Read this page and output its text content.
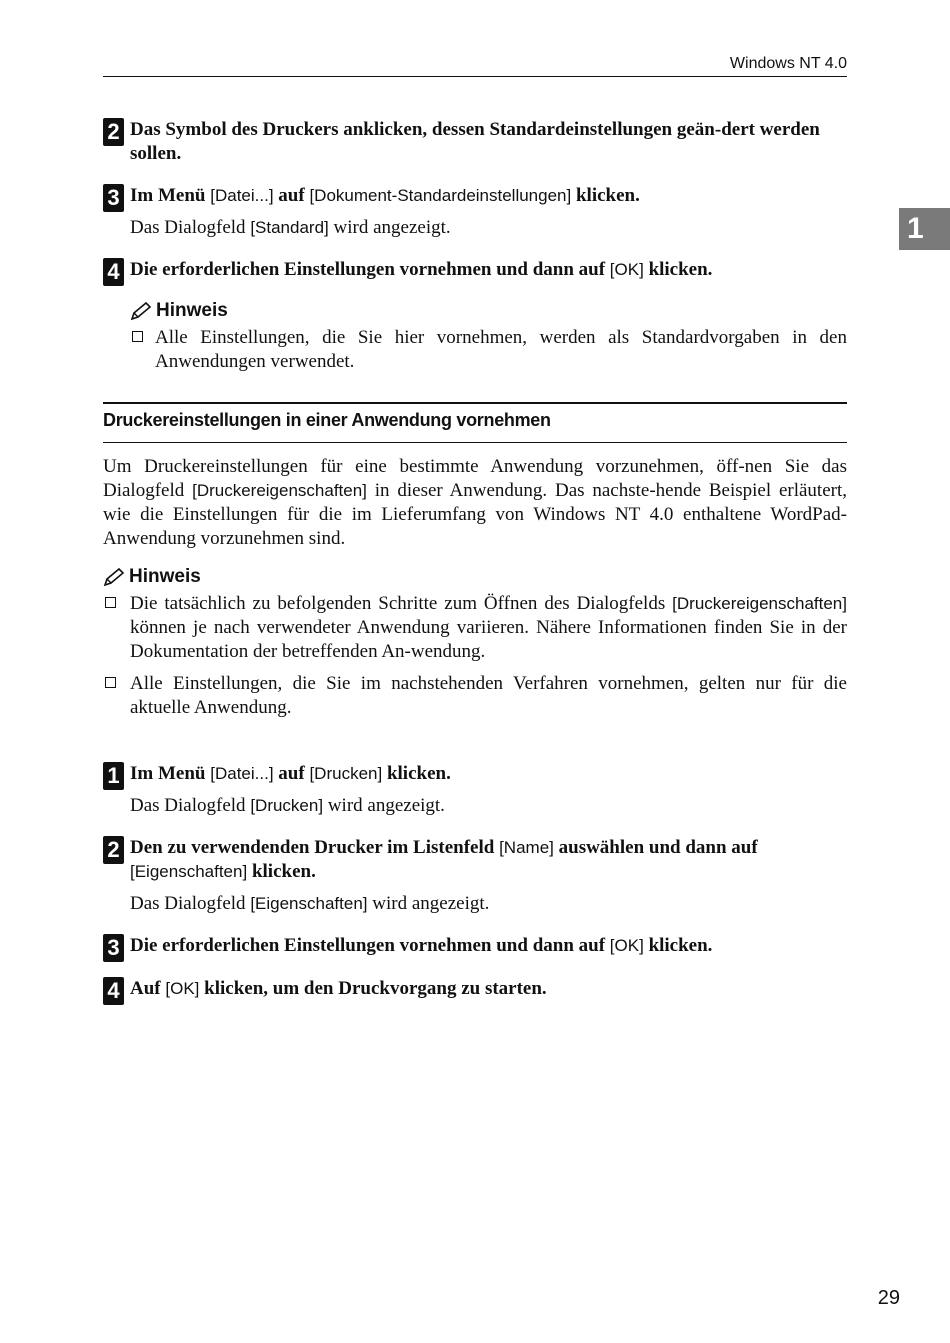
Windows NT 4.0
1
2 Das Symbol des Druckers anklicken, dessen Standardeinstellungen geän-dert werden sollen.
3 Im Menü [Datei...] auf [Dokument-Standardeinstellungen] klicken.
Das Dialogfeld [Standard] wird angezeigt.
4 Die erforderlichen Einstellungen vornehmen und dann auf [OK] klicken.
Hinweis
Alle Einstellungen, die Sie hier vornehmen, werden als Standardvorgaben in den Anwendungen verwendet.
Druckereinstellungen in einer Anwendung vornehmen
Um Druckereinstellungen für eine bestimmte Anwendung vorzunehmen, öff-nen Sie das Dialogfeld [Druckereigenschaften] in dieser Anwendung. Das nachste-hende Beispiel erläutert, wie die Einstellungen für die im Lieferumfang von Windows NT 4.0 enthaltene WordPad-Anwendung vorzunehmen sind.
Hinweis
Die tatsächlich zu befolgenden Schritte zum Öffnen des Dialogfelds [Druckereigenschaften] können je nach verwendeter Anwendung variieren. Nähere Informationen finden Sie in der Dokumentation der betreffenden An-wendung.
Alle Einstellungen, die Sie im nachstehenden Verfahren vornehmen, gelten nur für die aktuelle Anwendung.
1 Im Menü [Datei...] auf [Drucken] klicken.
Das Dialogfeld [Drucken] wird angezeigt.
2 Den zu verwendenden Drucker im Listenfeld [Name] auswählen und dann auf [Eigenschaften] klicken.
Das Dialogfeld [Eigenschaften] wird angezeigt.
3 Die erforderlichen Einstellungen vornehmen und dann auf [OK] klicken.
4 Auf [OK] klicken, um den Druckvorgang zu starten.
29
